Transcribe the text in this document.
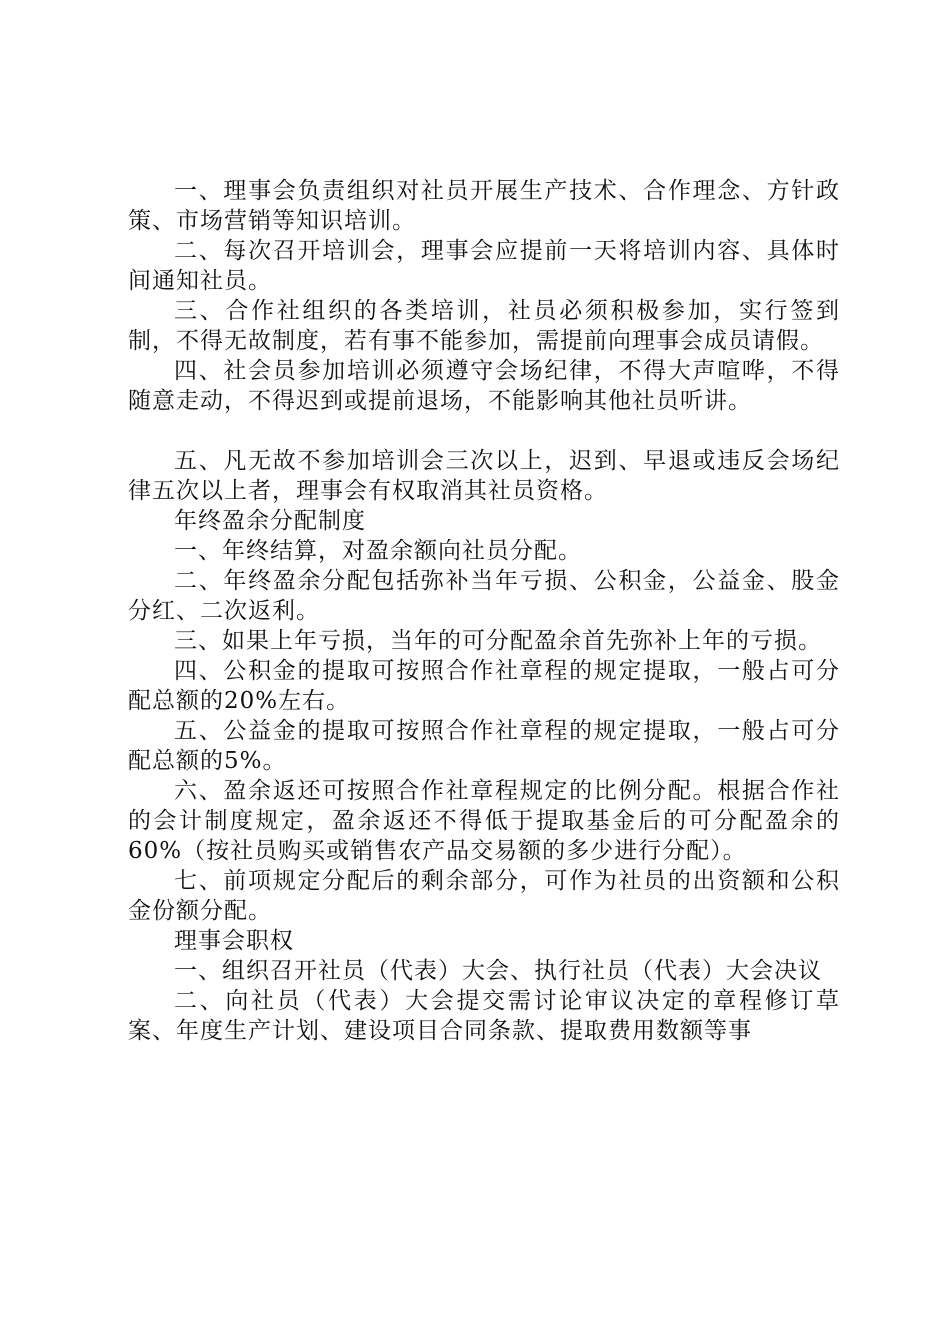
一、理事会负责组织对社员开展生产技术、合作理念、方针政策、市场营销等知识培训。

二、每次召开培训会，理事会应提前一天将培训内容、具体时间通知社员。

三、合作社组织的各类培训，社员必须积极参加，实行签到制，不得无故制度，若有事不能参加，需提前向理事会成员请假。

四、社会员参加培训必须遵守会场纪律，不得大声喧哗，不得随意走动，不得迟到或提前退场，不能影响其他社员听讲。

五、凡无故不参加培训会三次以上，迟到、早退或违反会场纪律五次以上者，理事会有权取消其社员资格。

年终盈余分配制度

一、年终结算，对盈余额向社员分配。

二、年终盈余分配包括弥补当年亏损、公积金，公益金、股金分红、二次返利。

三、如果上年亏损，当年的可分配盈余首先弥补上年的亏损。

四、公积金的提取可按照合作社章程的规定提取，一般占可分配总额的20%左右。

五、公益金的提取可按照合作社章程的规定提取，一般占可分配总额的5%。

六、盈余返还可按照合作社章程规定的比例分配。根据合作社的会计制度规定，盈余返还不得低于提取基金后的可分配盈余的60%（按社员购买或销售农产品交易额的多少进行分配）。

七、前项规定分配后的剩余部分，可作为社员的出资额和公积金份额分配。

理事会职权

一、组织召开社员（代表）大会、执行社员（代表）大会决议

二、向社员（代表）大会提交需讨论审议决定的章程修订草案、年度生产计划、建设项目合同条款、提取费用数额等事
